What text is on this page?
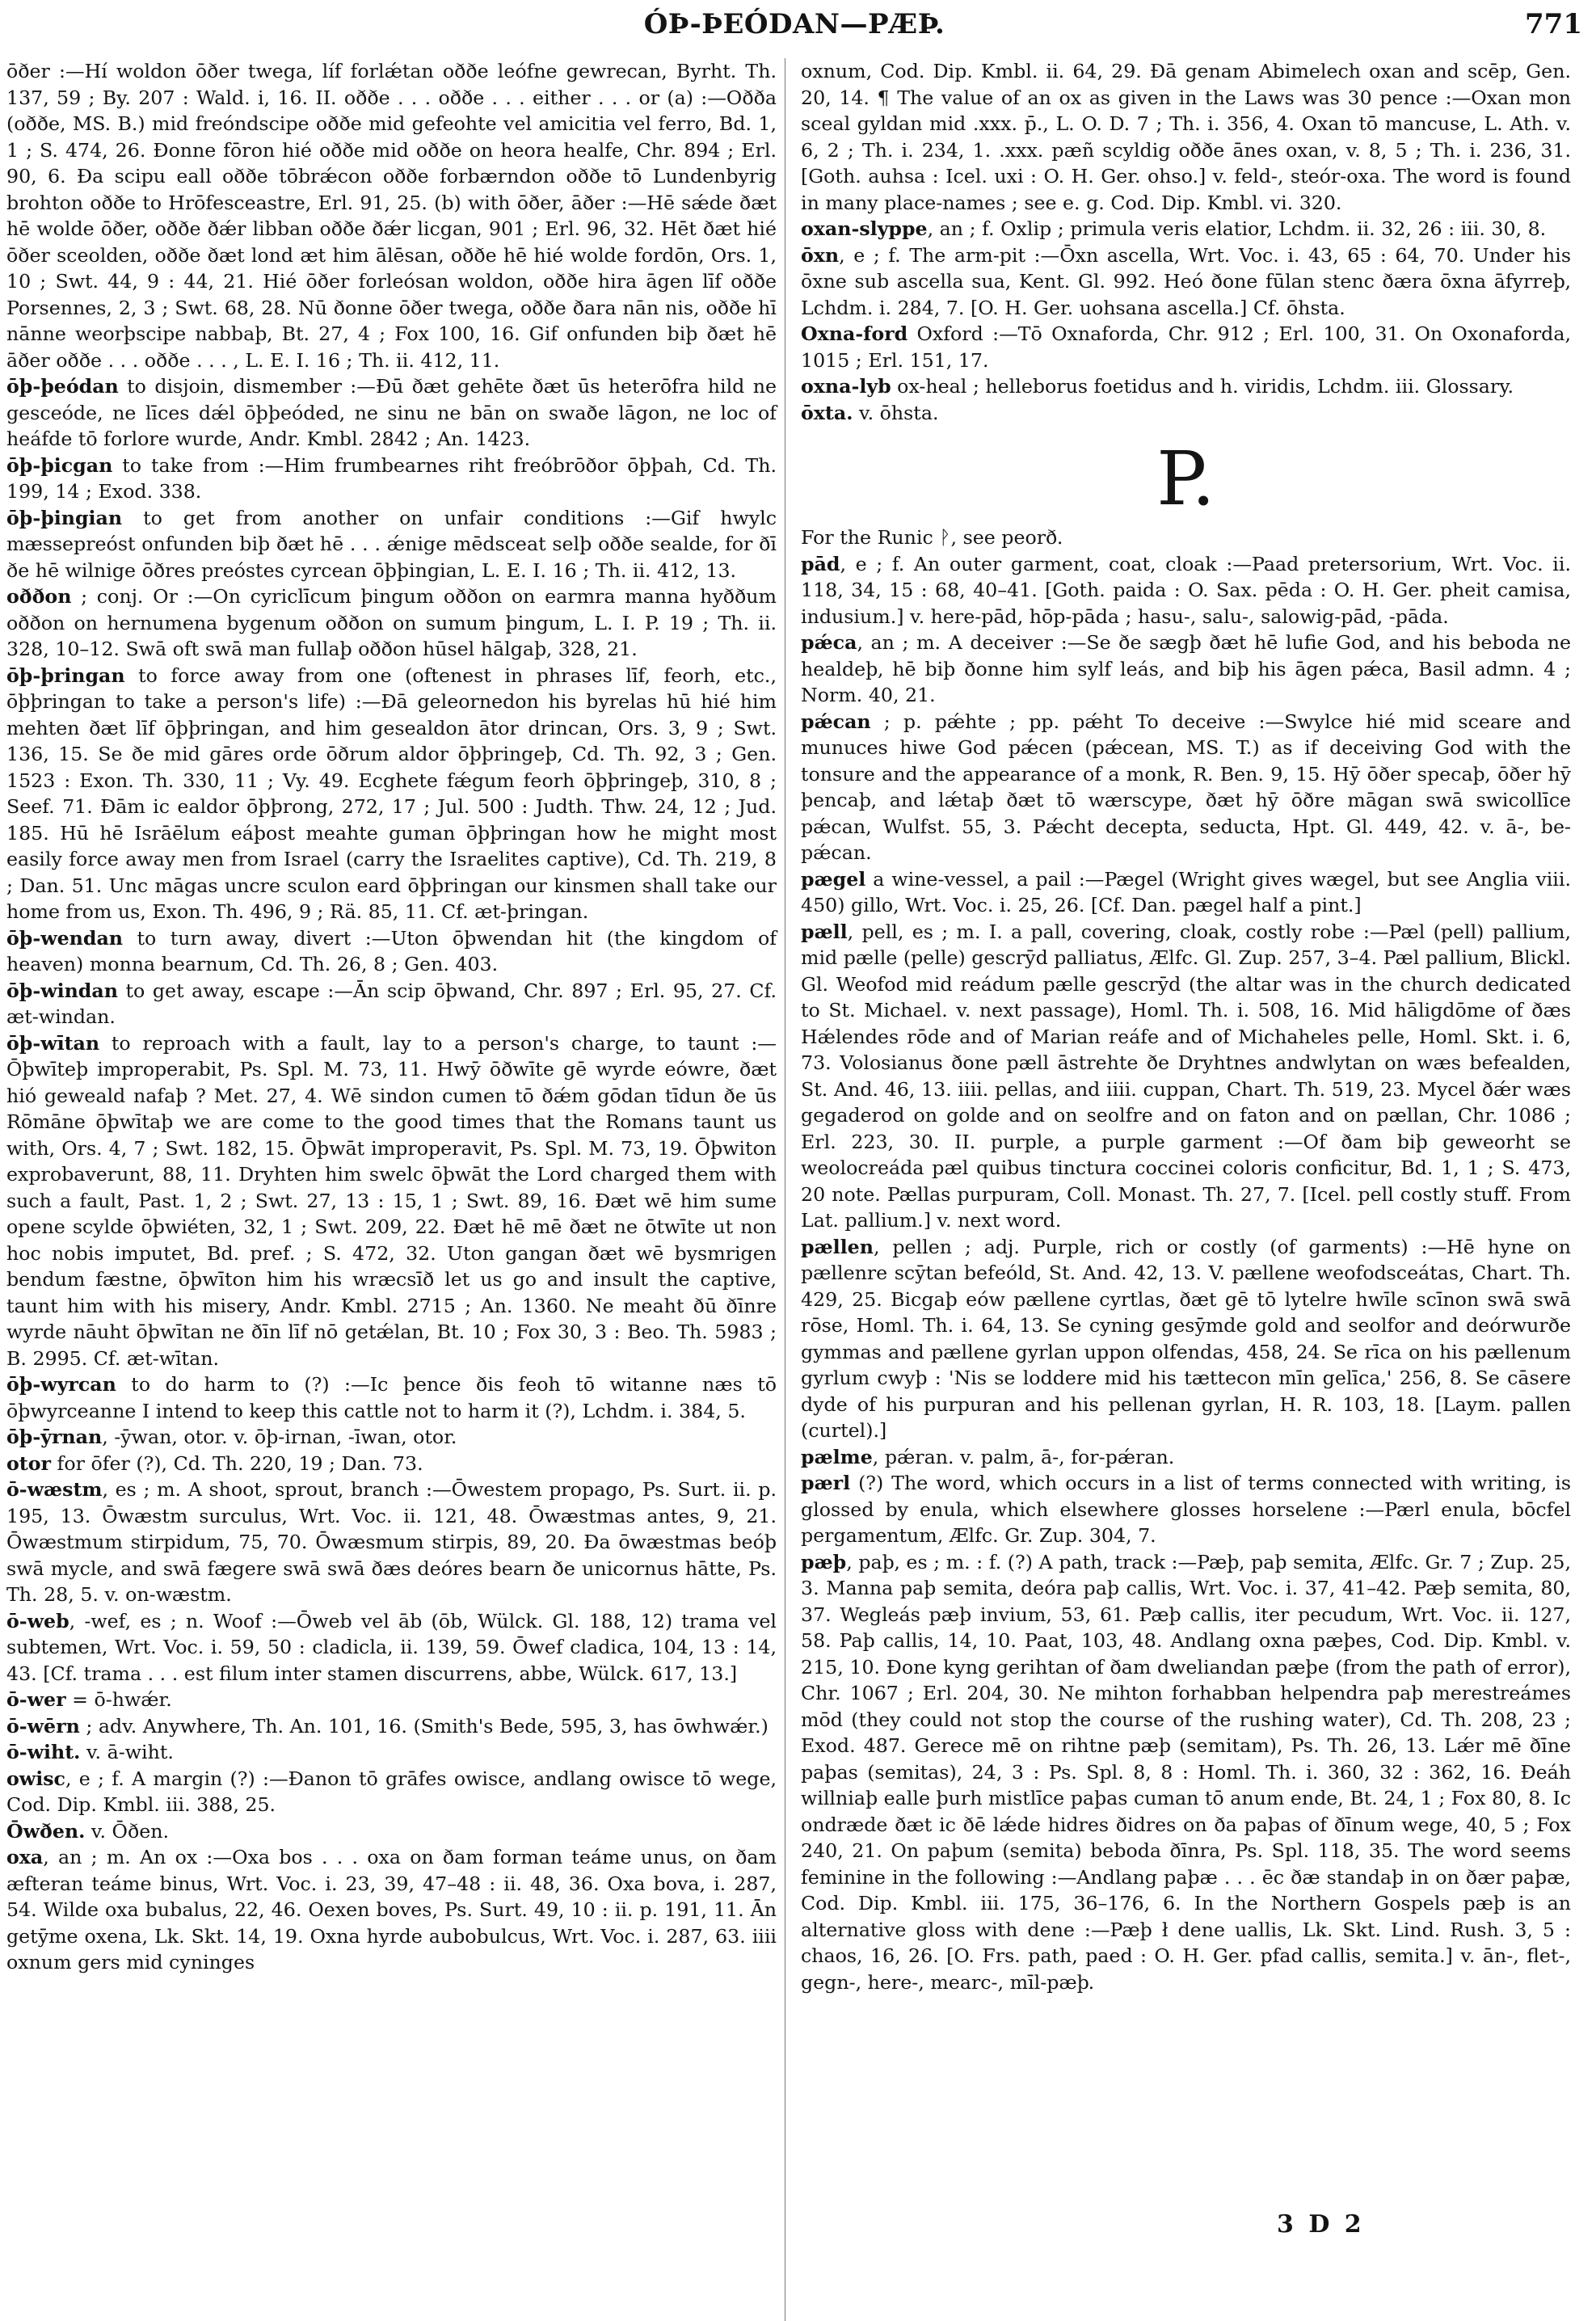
ÓÞ-ÞEÓDAN—PÆÞ.	771

ōðer :—Hí woldon ōðer twega, líf forlǽtan oððe leófne gewrecan, Byrht. Th. 137, 59 ; By. 207 : Wald. i, 16. II. oððe . . . oððe . . . either . . . or (a) :—Oðða (oððe, MS. B.) mid freóndscipe oððe mid gefeohte vel amicitia vel ferro, Bd. 1, 1 ; S. 474, 26. Ðonne fōron hié oððe mid oððe on heora healfe, Chr. 894 ; Erl. 90, 6. Ða scipu eall oððe tōbrǽcon oððe forbærndon oððe tō Lundenbyrig brohton oððe to Hrōfesceastre, Erl. 91, 25. (b) with ōðer, āðer :—Hē sǽde ðæt hē wolde ōðer, oððe ðǽr libban oððe ðǽr licgan, 901 ; Erl. 96, 32. Hēt ðæt hié ōðer sceolden, oððe ðæt lond æt him ālēsan, oððe hē hié wolde fordōn, Ors. 1, 10 ; Swt. 44, 9 : 44, 21. Hié ōðer forleósan woldon, oððe hira āgen līf oððe Porsennes, 2, 3 ; Swt. 68, 28. Nū ðonne ōðer twega, oððe ðara nān nis, oððe hī nānne weorþscipe nabbaþ, Bt. 27, 4 ; Fox 100, 16. Gif onfunden biþ ðæt hē āðer oððe . . . oððe . . . , L. E. I. 16 ; Th. ii. 412, 11.

ōþ-þeódan to disjoin, dismember :—Ðū ðæt gehēte ðæt ūs heterōfra hild ne gesceóde, ne līces dǽl ōþþeóded, ne sinu ne bān on swaðe lāgon, ne loc of heáfde tō forlore wurde, Andr. Kmbl. 2842 ; An. 1423.

ōþ-þicgan to take from :—Him frumbearnes riht freóbrōðor ōþþah, Cd. Th. 199, 14 ; Exod. 338.

ōþ-þingian to get from another on unfair conditions :—Gif hwylc mæssepreóst onfunden biþ ðæt hē . . . ǽnige mēdsceat selþ oððe sealde, for ðī ðe hē wilnige ōðres preóstes cyrcean ōþþingian, L. E. I. 16 ; Th. ii. 412, 13.

oððon ; conj. Or :—On cyriclīcum þingum oððon on earmra manna hyððum oððon on hernumena bygenum oððon on sumum þingum, L. I. P. 19 ; Th. ii. 328, 10–12. Swā oft swā man fullaþ oððon hūsel hālgaþ, 328, 21.

ōþ-þringan to force away from one (oftenest in phrases līf, feorh, etc., ōþþringan to take a person's life) :—Ðā geleornedon his byrelas hū hié him mehten ðæt līf ōþþringan, and him gesealdon ātor drincan, Ors. 3, 9 ; Swt. 136, 15. Se ðe mid gāres orde ōðrum aldor ōþþringeþ, Cd. Th. 92, 3 ; Gen. 1523 : Exon. Th. 330, 11 ; Vy. 49. Ecghete fǽgum feorh ōþþringeþ, 310, 8 ; Seef. 71. Ðām ic ealdor ōþþrong, 272, 17 ; Jul. 500 : Judth. Thw. 24, 12 ; Jud. 185. Hū hē Isrāēlum eáþost meahte guman ōþþringan how he might most easily force away men from Israel (carry the Israelites captive), Cd. Th. 219, 8 ; Dan. 51. Unc māgas uncre sculon eard ōþþringan our kinsmen shall take our home from us, Exon. Th. 496, 9 ; Rä. 85, 11. Cf. æt-þringan.

ōþ-wendan to turn away, divert :—Uton ōþwendan hit (the kingdom of heaven) monna bearnum, Cd. Th. 26, 8 ; Gen. 403.

ōþ-windan to get away, escape :—Ān scip ōþwand, Chr. 897 ; Erl. 95, 27. Cf. æt-windan.

ōþ-wītan to reproach with a fault, lay to a person's charge, to taunt :—Ōþwīteþ improperabit, Ps. Spl. M. 73, 11. Hwȳ ōðwīte gē wyrde eówre, ðæt hió geweald nafaþ ? Met. 27, 4. Wē sindon cumen tō ðǽm gōdan tīdun ðe ūs Rōmāne ōþwītaþ we are come to the good times that the Romans taunt us with, Ors. 4, 7 ; Swt. 182, 15. Ōþwāt improperavit, Ps. Spl. M. 73, 19. Ōþwiton exprobaverunt, 88, 11. Dryhten him swelc ōþwāt the Lord charged them with such a fault, Past. 1, 2 ; Swt. 27, 13 : 15, 1 ; Swt. 89, 16. Ðæt wē him sume opene scylde ōþwiéten, 32, 1 ; Swt. 209, 22. Ðæt hē mē ðæt ne ōtwīte ut non hoc nobis imputet, Bd. pref. ; S. 472, 32. Uton gangan ðæt wē bysmrigen bendum fæstne, ōþwīton him his wræcsīð let us go and insult the captive, taunt him with his misery, Andr. Kmbl. 2715 ; An. 1360. Ne meaht ðū ðīnre wyrde nāuht ōþwītan ne ðīn līf nō getǽlan, Bt. 10 ; Fox 30, 3 : Beo. Th. 5983 ; B. 2995. Cf. æt-wītan.

ōþ-wyrcan to do harm to (?) :—Ic þence ðis feoh tō witanne næs tō ōþwyrceanne I intend to keep this cattle not to harm it (?), Lchdm. i. 384, 5.

ōþ-ȳrnan, -ȳwan, otor. v. ōþ-irnan, -īwan, otor.

otor for ōfer (?), Cd. Th. 220, 19 ; Dan. 73.

ō-wæstm, es ; m. A shoot, sprout, branch :—Ōwestem propago, Ps. Surt. ii. p. 195, 13. Ōwæstm surculus, Wrt. Voc. ii. 121, 48. Ōwæstmas antes, 9, 21. Ōwæstmum stirpidum, 75, 70. Ōwæsmum stirpis, 89, 20. Ða ōwæstmas beóþ swā mycle, and swā fægere swā swā ðæs deóres bearn ðe unicornus hātte, Ps. Th. 28, 5. v. on-wæstm.

ō-web, -wef, es ; n. Woof :—Ōweb vel āb (ōb, Wülck. Gl. 188, 12) trama vel subtemen, Wrt. Voc. i. 59, 50 : cladicla, ii. 139, 59. Ōwef cladica, 104, 13 : 14, 43. [Cf. trama . . . est filum inter stamen discurrens, abbe, Wülck. 617, 13.]

ō-wer = ō-hwǽr.

ō-wērn ; adv. Anywhere, Th. An. 101, 16. (Smith's Bede, 595, 3, has ōwhwǽr.)

ō-wiht. v. ā-wiht.

owisc, e ; f. A margin (?) :—Ðanon tō grāfes owisce, andlang owisce tō wege, Cod. Dip. Kmbl. iii. 388, 25.

Ōwðen. v. Ōðen.

oxa, an ; m. An ox :—Oxa bos . . . oxa on ðam forman teáme unus, on ðam æfteran teáme binus, Wrt. Voc. i. 23, 39, 47–48 : ii. 48, 36. Oxa bova, i. 287, 54. Wilde oxa bubalus, 22, 46. Oexen boves, Ps. Surt. 49, 10 : ii. p. 191, 11. Ān getȳme oxena, Lk. Skt. 14, 19. Oxna hyrde aubobulcus, Wrt. Voc. i. 287, 63. iiii oxnum gers mid cyninges

oxnum, Cod. Dip. Kmbl. ii. 64, 29. Ðā genam Abimelech oxan and scēp, Gen. 20, 14. ¶ The value of an ox as given in the Laws was 30 pence :—Oxan mon sceal gyldan mid .xxx. p̄., L. O. D. 7 ; Th. i. 356, 4. Oxan tō mancuse, L. Ath. v. 6, 2 ; Th. i. 234, 1. .xxx. pæñ scyldig oððe ānes oxan, v. 8, 5 ; Th. i. 236, 31. [Goth. auhsa : Icel. uxi : O. H. Ger. ohso.] v. feld-, steór-oxa. The word is found in many place-names ; see e. g. Cod. Dip. Kmbl. vi. 320.

oxan-slyppe, an ; f. Oxlip ; primula veris elatior, Lchdm. ii. 32, 26 : iii. 30, 8.

ōxn, e ; f. The arm-pit :—Ōxn ascella, Wrt. Voc. i. 43, 65 : 64, 70. Under his ōxne sub ascella sua, Kent. Gl. 992. Heó ðone fūlan stenc ðæra ōxna āfyrreþ, Lchdm. i. 284, 7. [O. H. Ger. uohsana ascella.] Cf. ōhsta.

Oxna-ford Oxford :—Tō Oxnaforda, Chr. 912 ; Erl. 100, 31. On Oxonaforda, 1015 ; Erl. 151, 17.

oxna-lyb ox-heal ; helleborus foetidus and h. viridis, Lchdm. iii. Glossary.

ōxta. v. ōhsta.

P.

For the Runic ᚹ, see peorð.

pād, e ; f. An outer garment, coat, cloak :—Paad pretersorium, Wrt. Voc. ii. 118, 34, 15 : 68, 40–41. [Goth. paida : O. Sax. pēda : O. H. Ger. pheit camisa, indusium.] v. here-pād, hōp-pāda ; hasu-, salu-, salowig-pād, -pāda.

pǽca, an ; m. A deceiver :—Se ðe sægþ ðæt hē lufie God, and his beboda ne healdeþ, hē biþ ðonne him sylf leás, and biþ his āgen pǽca, Basil admn. 4 ; Norm. 40, 21.

pǽcan ; p. pǽhte ; pp. pǽht To deceive :—Swylce hié mid sceare and munuces hiwe God pǽcen (pǽcean, MS. T.) as if deceiving God with the tonsure and the appearance of a monk, R. Ben. 9, 15. Hȳ ōðer specaþ, ōðer hȳ þencaþ, and lǽtaþ ðæt tō wærscype, ðæt hȳ ōðre māgan swā swicollīce pǽcan, Wulfst. 55, 3. Pǽcht decepta, seducta, Hpt. Gl. 449, 42. v. ā-, be-pǽcan.

pægel a wine-vessel, a pail :—Pægel (Wright gives wægel, but see Anglia viii. 450) gillo, Wrt. Voc. i. 25, 26. [Cf. Dan. pægel half a pint.]

pæll, pell, es ; m. I. a pall, covering, cloak, costly robe :—Pæl (pell) pallium, mid pælle (pelle) gescrȳd palliatus, Ælfc. Gl. Zup. 257, 3–4. Pæl pallium, Blickl. Gl. Weofod mid reádum pælle gescrȳd (the altar was in the church dedicated to St. Michael. v. next passage), Homl. Th. i. 508, 16. Mid hāligdōme of ðæs Hǽlendes rōde and of Marian reáfe and of Michaheles pelle, Homl. Skt. i. 6, 73. Volosianus ðone pæll āstrehte ðe Dryhtnes andwlytan on wæs befealden, St. And. 46, 13. iiii. pellas, and iiii. cuppan, Chart. Th. 519, 23. Mycel ðǽr wæs gegaderod on golde and on seolfre and on faton and on pællan, Chr. 1086 ; Erl. 223, 30. II. purple, a purple garment :—Of ðam biþ geweorht se weolocreáda pæl quibus tinctura coccinei coloris conficitur, Bd. 1, 1 ; S. 473, 20 note. Pællas purpuram, Coll. Monast. Th. 27, 7. [Icel. pell costly stuff. From Lat. pallium.] v. next word.

pællen, pellen ; adj. Purple, rich or costly (of garments) :—Hē hyne on pællenre scȳtan befeóld, St. And. 42, 13. V. pællene weofodsceátas, Chart. Th. 429, 25. Bicgaþ eów pællene cyrtlas, ðæt gē tō lytelre hwīle scīnon swā swā rōse, Homl. Th. i. 64, 13. Se cyning gesȳmde gold and seolfor and deórwurðe gymmas and pællene gyrlan uppon olfendas, 458, 24. Se rīca on his pællenum gyrlum cwyþ : 'Nis se loddere mid his tættecon mīn gelīca,' 256, 8. Se cāsere dyde of his purpuran and his pellenan gyrlan, H. R. 103, 18. [Laym. pallen (curtel).]

pælme, pǽran. v. palm, ā-, for-pǽran.

pærl (?) The word, which occurs in a list of terms connected with writing, is glossed by enula, which elsewhere glosses horselene :—Pærl enula, bōcfel pergamentum, Ælfc. Gr. Zup. 304, 7.

pæþ, paþ, es ; m. : f. (?) A path, track :—Pæþ, paþ semita, Ælfc. Gr. 7 ; Zup. 25, 3. Manna paþ semita, deóra paþ callis, Wrt. Voc. i. 37, 41–42. Pæþ semita, 80, 37. Wegleás pæþ invium, 53, 61. Pæþ callis, iter pecudum, Wrt. Voc. ii. 127, 58. Paþ callis, 14, 10. Paat, 103, 48. Andlang oxna pæþes, Cod. Dip. Kmbl. v. 215, 10. Ðone kyng gerihtan of ðam dweliandan pæþe (from the path of error), Chr. 1067 ; Erl. 204, 30. Ne mihton forhabban helpendra paþ merestreámes mōd (they could not stop the course of the rushing water), Cd. Th. 208, 23 ; Exod. 487. Gerece mē on rihtne pæþ (semitam), Ps. Th. 26, 13. Lǽr mē ðīne paþas (semitas), 24, 3 : Ps. Spl. 8, 8 : Homl. Th. i. 360, 32 : 362, 16. Ðeáh willniaþ ealle þurh mistlīce paþas cuman tō anum ende, Bt. 24, 1 ; Fox 80, 8. Ic ondræde ðæt ic ðē lǽde hidres ðidres on ða paþas of ðīnum wege, 40, 5 ; Fox 240, 21. On paþum (semita) beboda ðīnra, Ps. Spl. 118, 35. The word seems feminine in the following :—Andlang paþæ . . . ēc ðæ standaþ in on ðær paþæ, Cod. Dip. Kmbl. iii. 175, 36–176, 6. In the Northern Gospels pæþ is an alternative gloss with dene :—Pæþ ł dene uallis, Lk. Skt. Lind. Rush. 3, 5 : chaos, 16, 26. [O. Frs. path, paed : O. H. Ger. pfad callis, semita.] v. ān-, flet-, gegn-, here-, mearc-, mīl-pæþ.

3 D 2
